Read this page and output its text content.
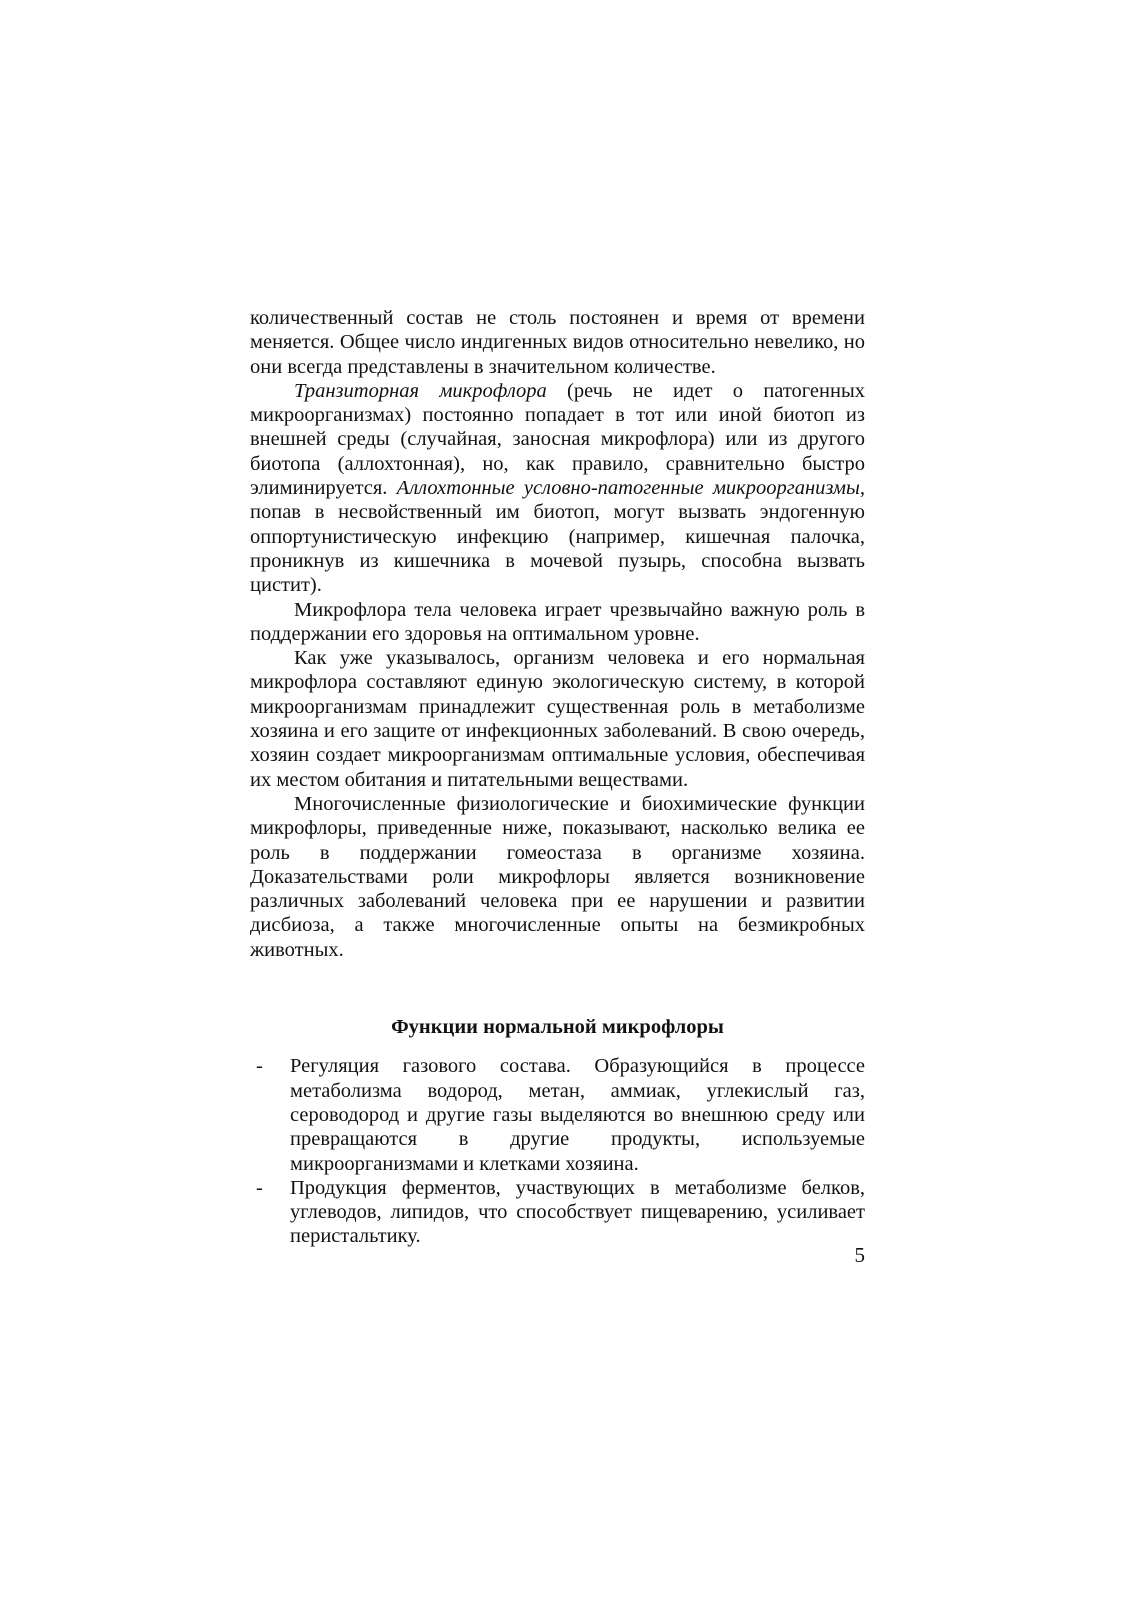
количественный состав не столь постоянен и время от времени меняется. Общее число индигенных видов относительно невелико, но они всегда представлены в значительном количестве.

Транзиторная микрофлора (речь не идет о патогенных микроорганизмах) постоянно попадает в тот или иной биотоп из внешней среды (случайная, заносная микрофлора) или из другого биотопа (аллохтонная), но, как правило, сравнительно быстро элиминируется. Аллохтонные условно-патогенные микроорганизмы, попав в несвойственный им биотоп, могут вызвать эндогенную оппортунистическую инфекцию (например, кишечная палочка, проникнув из кишечника в мочевой пузырь, способна вызвать цистит).

Микрофлора тела человека играет чрезвычайно важную роль в поддержании его здоровья на оптимальном уровне.

Как уже указывалось, организм человека и его нормальная микрофлора составляют единую экологическую систему, в которой микроорганизмам принадлежит существенная роль в метаболизме хозяина и его защите от инфекционных заболеваний. В свою очередь, хозяин создает микроорганизмам оптимальные условия, обеспечивая их местом обитания и питательными веществами.

Многочисленные физиологические и биохимические функции микрофлоры, приведенные ниже, показывают, насколько велика ее роль в поддержании гомеостаза в организме хозяина. Доказательствами роли микрофлоры является возникновение различных заболеваний человека при ее нарушении и развитии дисбиоза, а также многочисленные опыты на безмикробных животных.

Функции нормальной микрофлоры
- Регуляция газового состава. Образующийся в процессе метаболизма водород, метан, аммиак, углекислый газ, сероводород и другие газы выделяются во внешнюю среду или превращаются в другие продукты, используемые микроорганизмами и клетками хозяина.
- Продукция ферментов, участвующих в метаболизме белков, углеводов, липидов, что способствует пищеварению, усиливает перистальтику.
5
